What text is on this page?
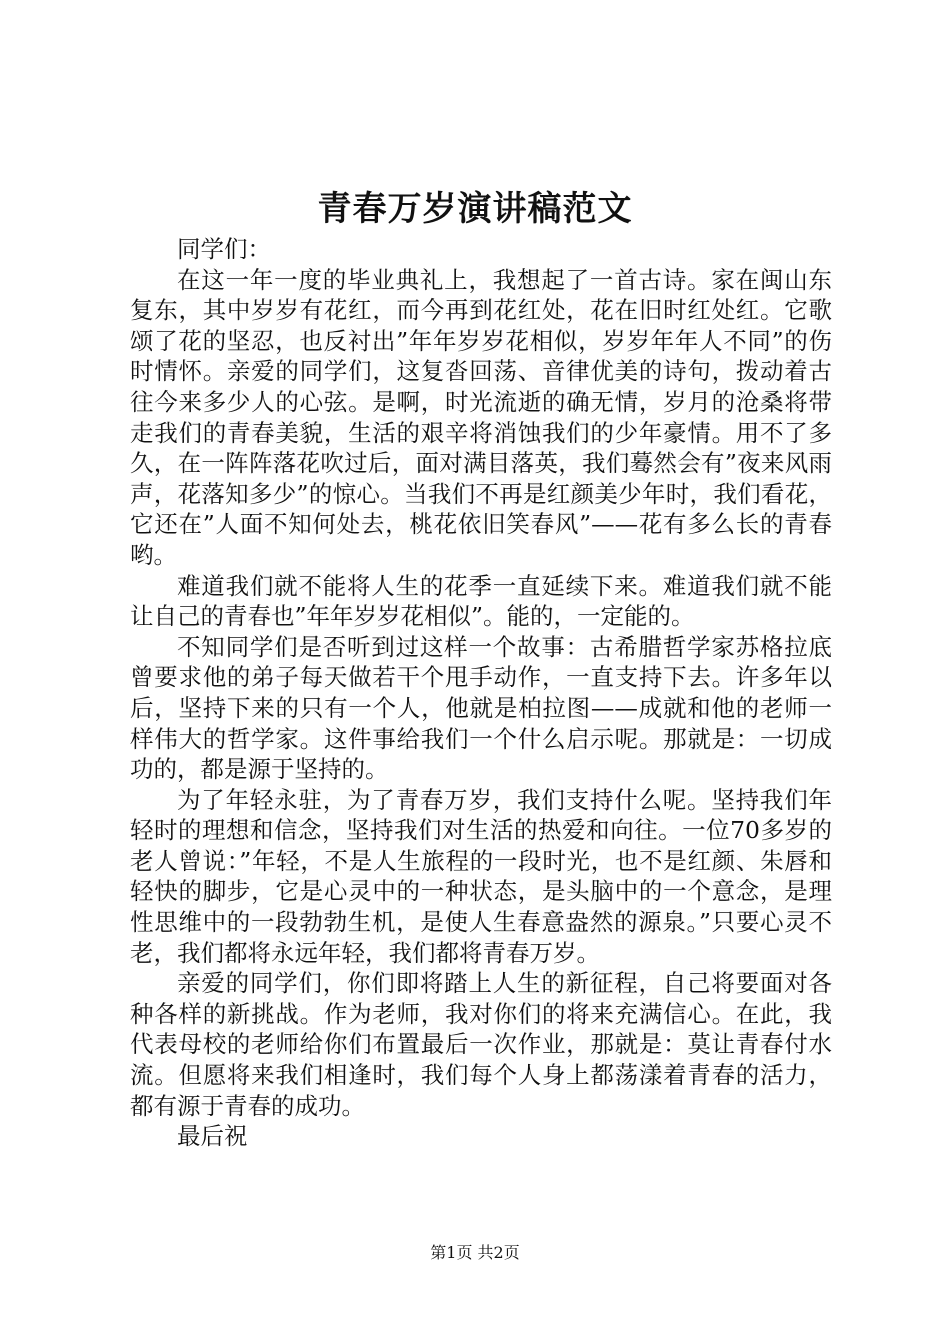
青春万岁演讲稿范文

同学们：

在这一年一度的毕业典礼上，我想起了一首古诗。家在闽山东复东，其中岁岁有花红，而今再到花红处，花在旧时红处红。它歌颂了花的坚忍，也反衬出”年年岁岁花相似，岁岁年年人不同”的伤时情怀。亲爱的同学们，这复沓回荡、音律优美的诗句，拨动着古往今来多少人的心弦。是啊，时光流逝的确无情，岁月的沧桑将带走我们的青春美貌，生活的艰辛将消蚀我们的少年豪情。用不了多久，在一阵阵落花吹过后，面对满目落英，我们蓦然会有”夜来风雨声，花落知多少”的惊心。当我们不再是红颜美少年时，我们看花，它还在”人面不知何处去，桃花依旧笑春风”——花有多么长的青春哟。

难道我们就不能将人生的花季一直延续下来。难道我们就不能让自己的青春也”年年岁岁花相似”。能的，一定能的。

不知同学们是否听到过这样一个故事：古希腊哲学家苏格拉底曾要求他的弟子每天做若干个甩手动作，一直支持下去。许多年以后，坚持下来的只有一个人，他就是柏拉图——成就和他的老师一样伟大的哲学家。这件事给我们一个什么启示呢。那就是：一切成功的，都是源于坚持的。

为了年轻永驻，为了青春万岁，我们支持什么呢。坚持我们年轻时的理想和信念，坚持我们对生活的热爱和向往。一位70多岁的老人曾说：”年轻，不是人生旅程的一段时光，也不是红颜、朱唇和轻快的脚步，它是心灵中的一种状态，是头脑中的一个意念，是理性思维中的一段勃勃生机，是使人生春意盎然的源泉。”只要心灵不老，我们都将永远年轻，我们都将青春万岁。

亲爱的同学们，你们即将踏上人生的新征程，自己将要面对各种各样的新挑战。作为老师，我对你们的将来充满信心。在此，我代表母校的老师给你们布置最后一次作业，那就是：莫让青春付水流。但愿将来我们相逢时，我们每个人身上都荡漾着青春的活力，都有源于青春的成功。

最后祝

第1页 共2页
